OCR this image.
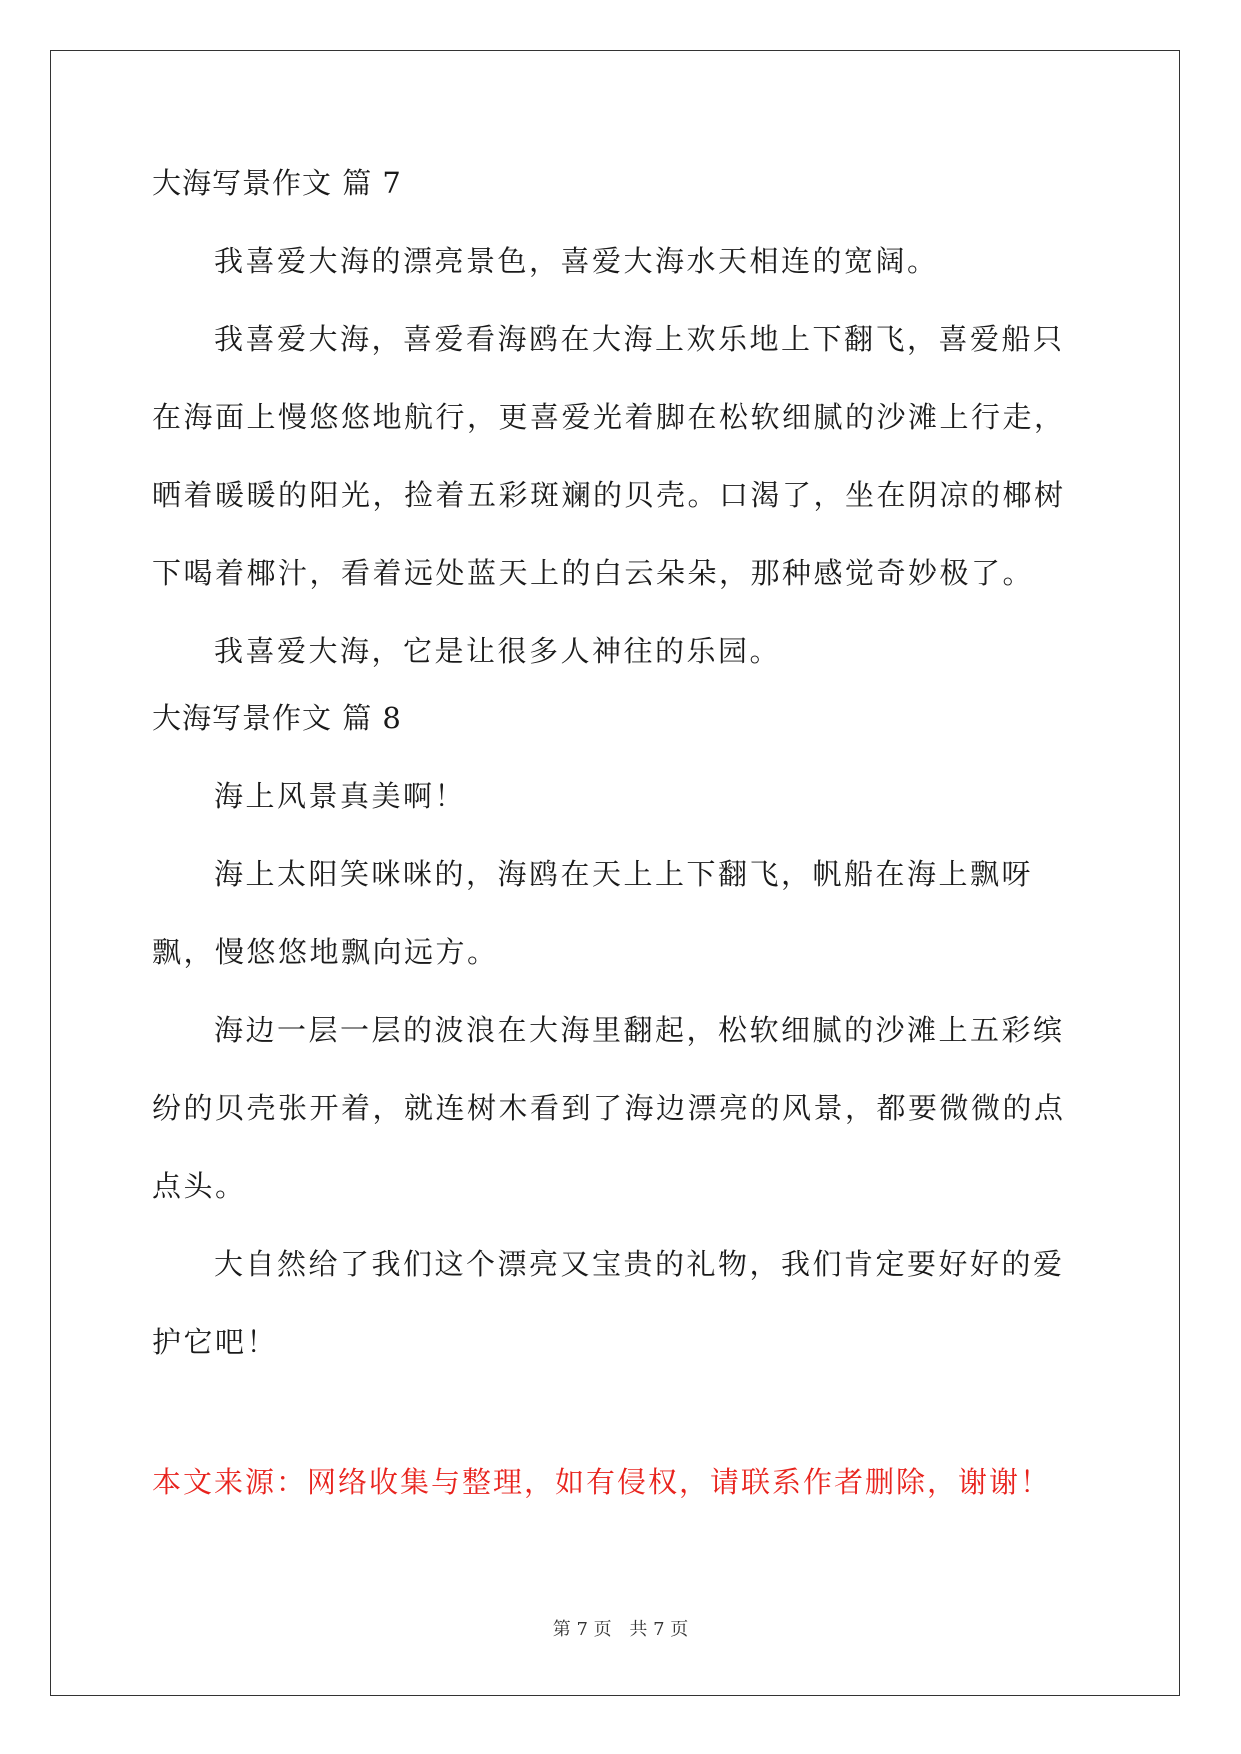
大海写景作文 篇 7

我喜爱大海的漂亮景色，喜爱大海水天相连的宽阔。

我喜爱大海，喜爱看海鸥在大海上欢乐地上下翻飞，喜爱船只在海面上慢悠悠地航行，更喜爱光着脚在松软细腻的沙滩上行走，晒着暖暖的阳光，捡着五彩斑斓的贝壳。口渴了，坐在阴凉的椰树下喝着椰汁，看着远处蓝天上的白云朵朵，那种感觉奇妙极了。

我喜爱大海，它是让很多人神往的乐园。

大海写景作文 篇 8

海上风景真美啊！

海上太阳笑咪咪的，海鸥在天上上下翻飞，帆船在海上飘呀飘，慢悠悠地飘向远方。

海边一层一层的波浪在大海里翻起，松软细腻的沙滩上五彩缤纷的贝壳张开着，就连树木看到了海边漂亮的风景，都要微微的点点头。

大自然给了我们这个漂亮又宝贵的礼物，我们肯定要好好的爱护它吧！

本文来源：网络收集与整理，如有侵权，请联系作者删除，谢谢！
第 7 页 共 7 页
